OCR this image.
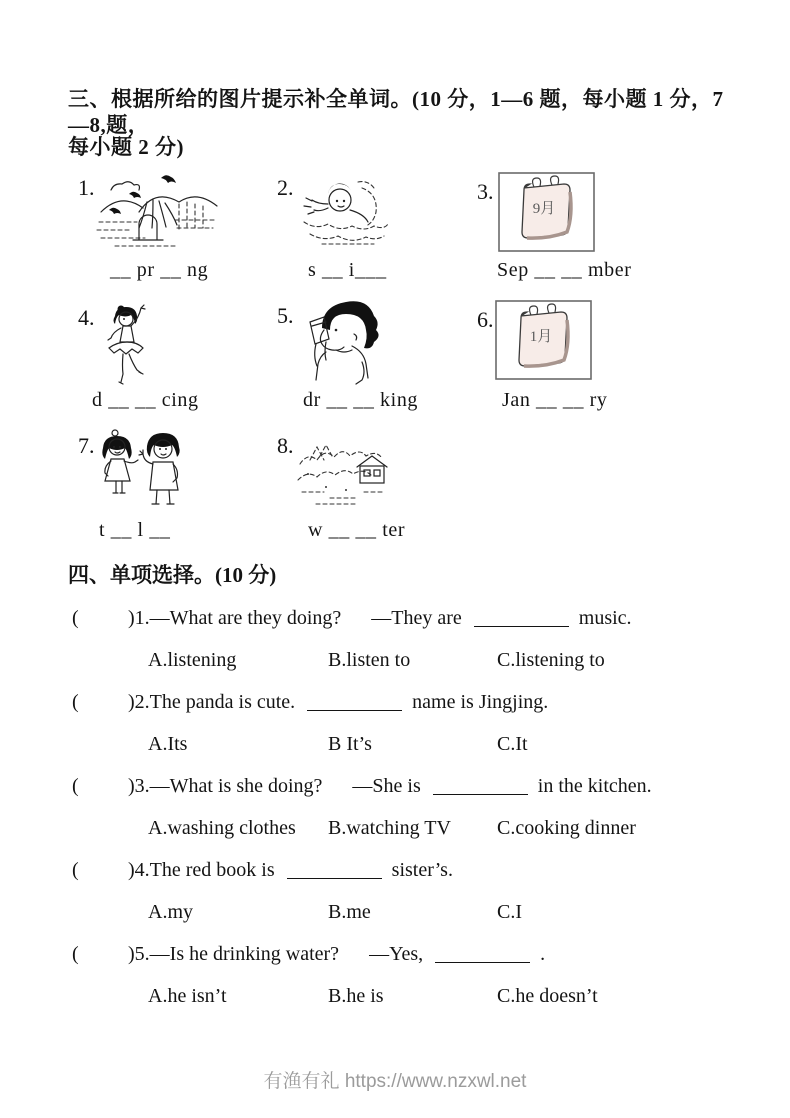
三、根据所给的图片提示补全单词。(10 分，1—6 题，每小题 1 分，7—8,题，
每小题 2 分)
1.
__ pr __ ng
2.
s __ i___
3.
9月
Sep __ __ mber
4.
d __ __ cing
5.
dr __ __ king
6.
1月
Jan __ __ ry
7.
t __ l __
8.
w __ __ ter
四、单项选择。(10 分)
( )1.—What are they doing? —They are	music.
A.listening	B.listen to	C.listening to
( )2.The panda is cute.	name is Jingjing.
A.Its	B It’s	C.It
( )3.—What is she doing? —She is	in the kitchen.
A.washing clothes B.watching TV C.cooking dinner
( )4.The red book is	sister’s.
A.my	B.me	C.I
( )5.—Is he drinking water? —Yes,	.
A.he isn’t	B.he is	C.he doesn’t
有渔有礼 https://www.nzxwl.net
